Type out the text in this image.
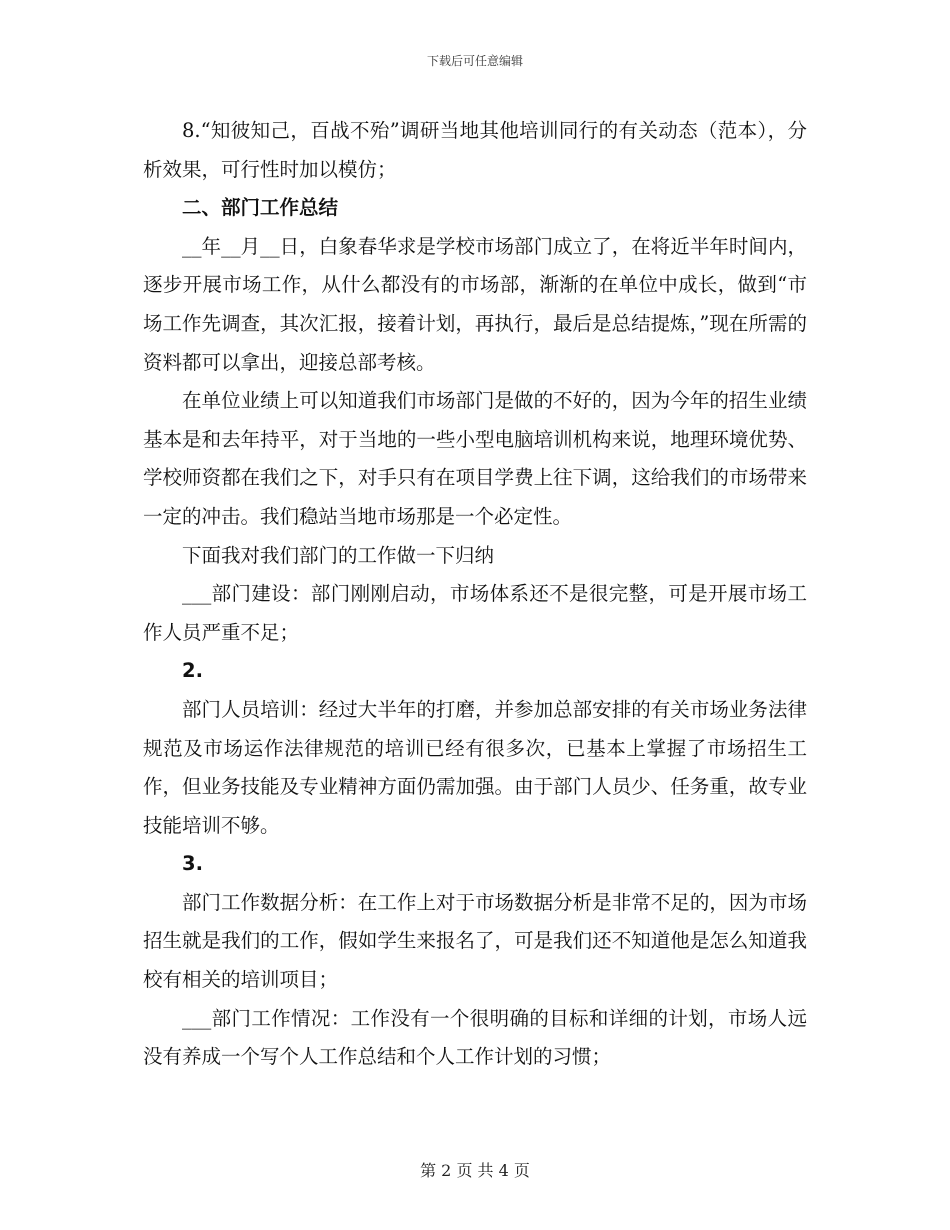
下载后可任意编辑

8.“知彼知己，百战不殆”调研当地其他培训同行的有关动态（范本），分析效果，可行性时加以模仿；

二、部门工作总结

__年__月__日，白象春华求是学校市场部门成立了，在将近半年时间内，逐步开展市场工作，从什么都没有的市场部，渐渐的在单位中成长，做到“市场工作先调查，其次汇报，接着计划，再执行，最后是总结提炼，”现在所需的资料都可以拿出，迎接总部考核。

在单位业绩上可以知道我们市场部门是做的不好的，因为今年的招生业绩基本是和去年持平，对于当地的一些小型电脑培训机构来说，地理环境优势、学校师资都在我们之下，对手只有在项目学费上往下调，这给我们的市场带来一定的冲击。我们稳站当地市场那是一个必定性。

下面我对我们部门的工作做一下归纳

___部门建设：部门刚刚启动，市场体系还不是很完整，可是开展市场工作人员严重不足；

2.

部门人员培训：经过大半年的打磨，并参加总部安排的有关市场业务法律规范及市场运作法律规范的培训已经有很多次，已基本上掌握了市场招生工作，但业务技能及专业精神方面仍需加强。由于部门人员少、任务重，故专业技能培训不够。

3.

部门工作数据分析：在工作上对于市场数据分析是非常不足的，因为市场招生就是我们的工作，假如学生来报名了，可是我们还不知道他是怎么知道我校有相关的培训项目；

___部门工作情况：工作没有一个很明确的目标和详细的计划，市场人远没有养成一个写个人工作总结和个人工作计划的习惯；

第 2 页 共 4 页
